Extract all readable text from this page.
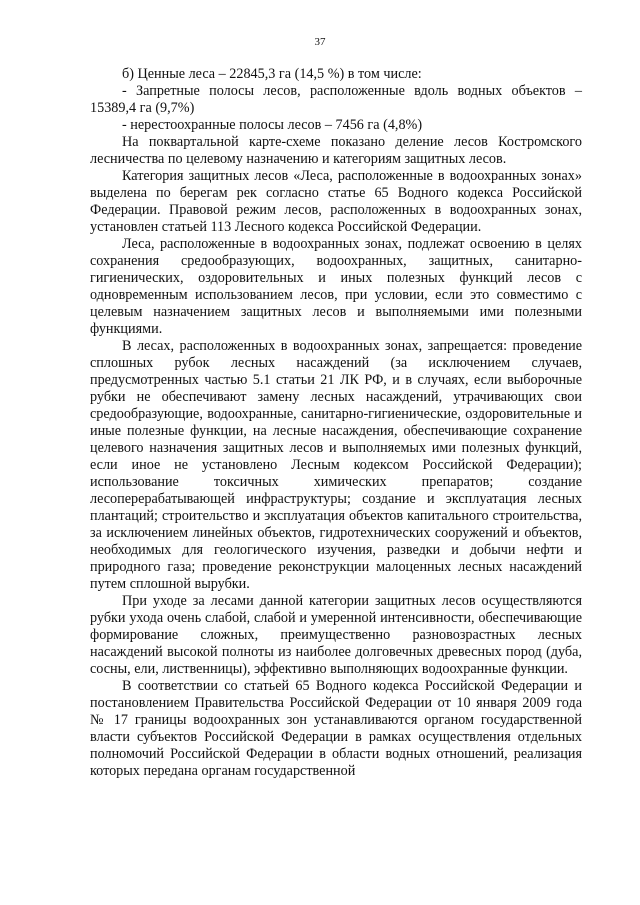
37

б) Ценные леса – 22845,3 га (14,5 %) в том числе:

- Запретные полосы лесов, расположенные вдоль водных объектов – 15389,4 га (9,7%)

- нерестоохранные полосы лесов – 7456 га (4,8%)

На поквартальной карте-схеме показано деление лесов Костромского лесничества по целевому назначению и категориям защитных лесов.

Категория защитных лесов «Леса, расположенные в водоохранных зонах» выделена по берегам рек согласно статье 65 Водного кодекса Российской Федерации. Правовой режим лесов, расположенных в водоохранных зонах, установлен статьей 113 Лесного кодекса Российской Федерации.

Леса, расположенные в водоохранных зонах, подлежат освоению в целях сохранения средообразующих, водоохранных, защитных, санитарно-гигиенических, оздоровительных и иных полезных функций лесов с одновременным использованием лесов, при условии, если это совместимо с целевым назначением защитных лесов и выполняемыми ими полезными функциями.

В лесах, расположенных в водоохранных зонах, запрещается: проведение сплошных рубок лесных насаждений (за исключением случаев, предусмотренных частью 5.1 статьи 21 ЛК РФ, и в случаях, если выборочные рубки не обеспечивают замену лесных насаждений, утрачивающих свои средообразующие, водоохранные, санитарно-гигиенические, оздоровительные и иные полезные функции, на лесные насаждения, обеспечивающие сохранение целевого назначения защитных лесов и выполняемых ими полезных функций, если иное не установлено Лесным кодексом Российской Федерации); использование токсичных химических препаратов; создание лесоперерабатывающей инфраструктуры; создание и эксплуатация лесных плантаций; строительство и эксплуатация объектов капитального строительства, за исключением линейных объектов, гидротехнических сооружений и объектов, необходимых для геологического изучения, разведки и добычи нефти и природного газа; проведение реконструкции малоценных лесных насаждений путем сплошной вырубки.

При уходе за лесами данной категории защитных лесов осуществляются рубки ухода очень слабой, слабой и умеренной интенсивности, обеспечивающие формирование сложных, преимущественно разновозрастных лесных насаждений высокой полноты из наиболее долговечных древесных пород (дуба, сосны, ели, лиственницы), эффективно выполняющих водоохранные функции.

В соответствии со статьей 65 Водного кодекса Российской Федерации и постановлением Правительства Российской Федерации от 10 января 2009 года № 17 границы водоохранных зон устанавливаются органом государственной власти субъектов Российской Федерации в рамках осуществления отдельных полномочий Российской Федерации в области водных отношений, реализация которых передана органам государственной
